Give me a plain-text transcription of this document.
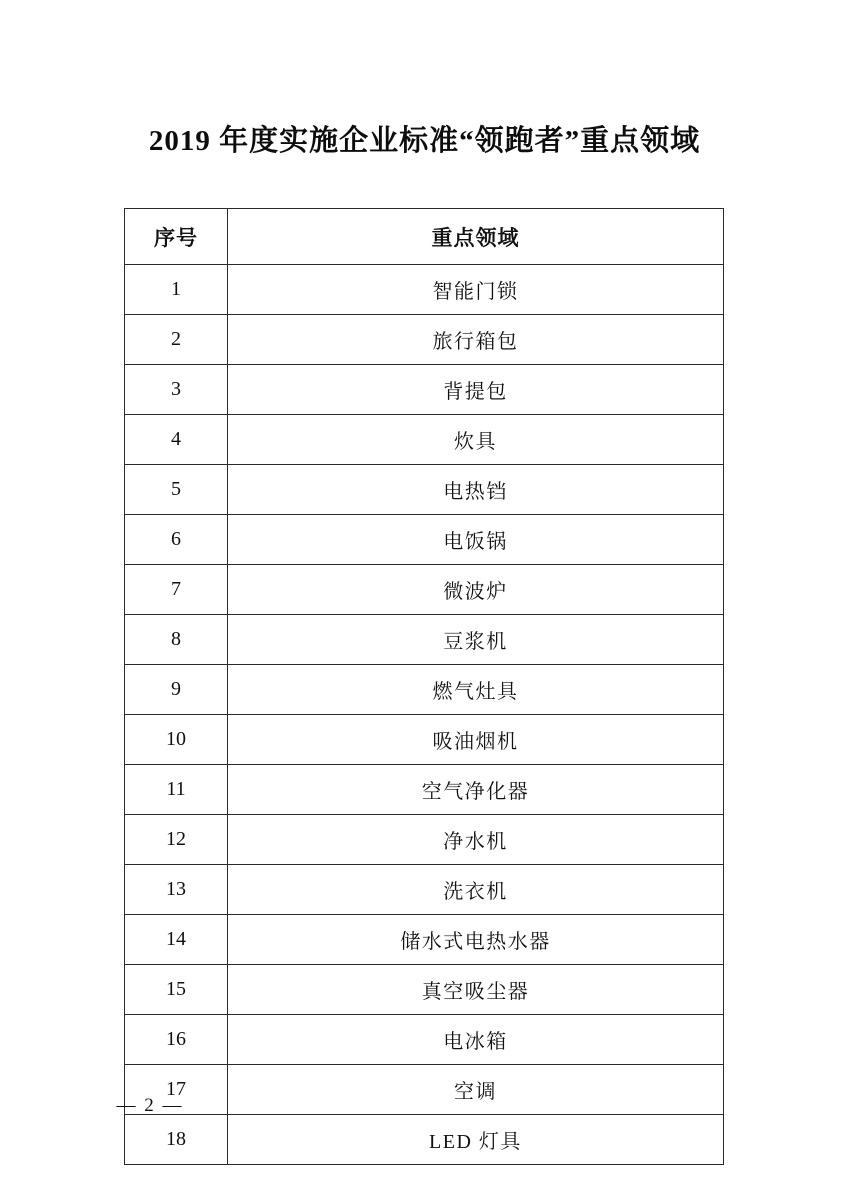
2019 年度实施企业标准“领跑者”重点领域
序号	重点领域
1	智能门锁
2	旅行箱包
3	背提包
4	炊具
5	电热铛
6	电饭锅
7	微波炉
8	豆浆机
9	燃气灶具
10	吸油烟机
11	空气净化器
12	净水机
13	洗衣机
14	储水式电热水器
15	真空吸尘器
16	电冰箱
17	空调
18	LED 灯具
— 2 —
